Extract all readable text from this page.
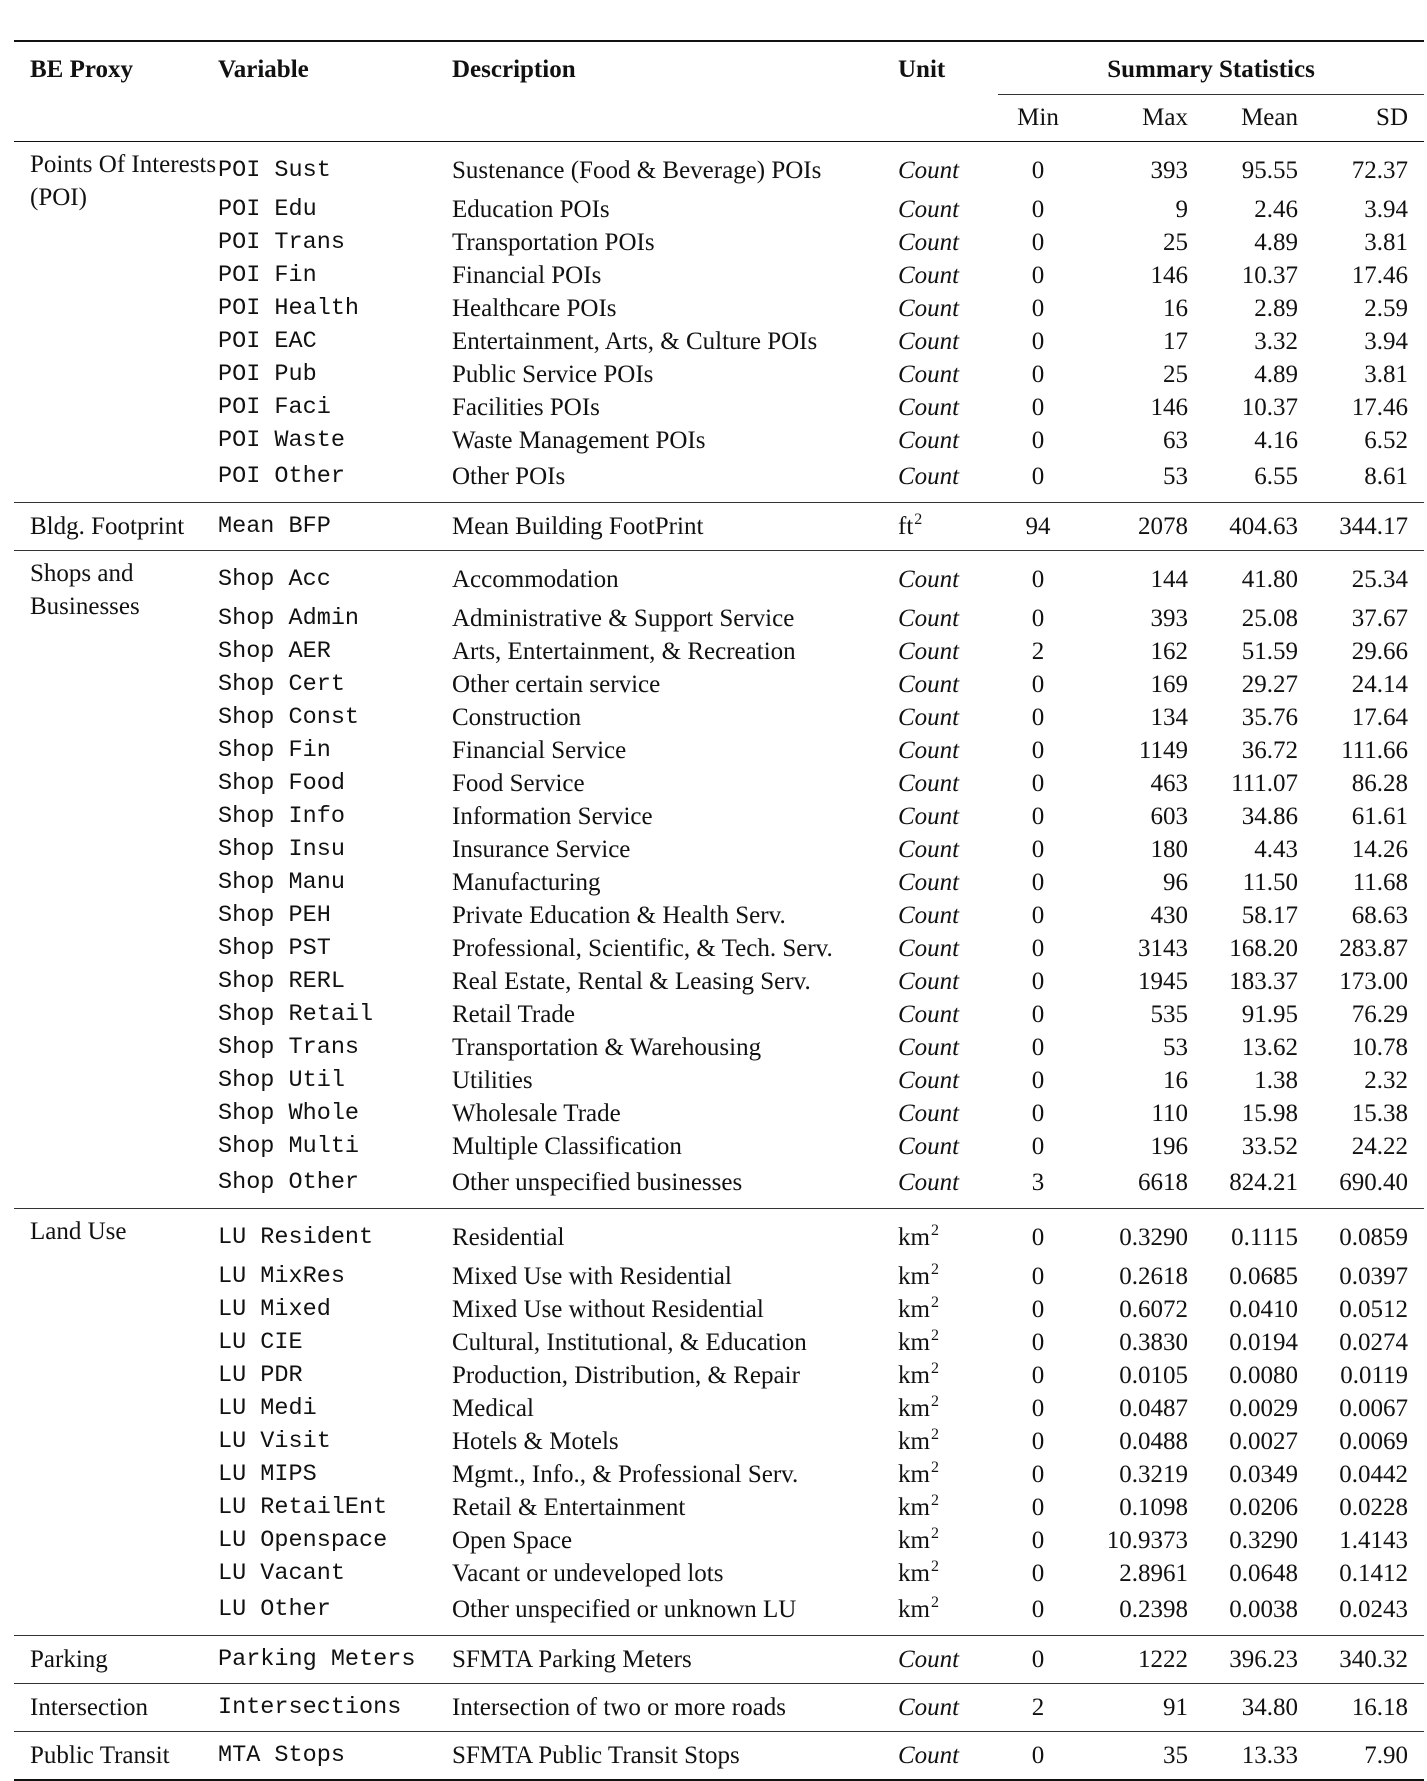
BE Proxy	Variable	Description	Unit	Summary Statistics			
				Min	Max	Mean	SD
Points Of Interests (POI)	POI Sust	Sustenance (Food & Beverage) POIs	Count	0	393	95.55	72.37
	POI Edu	Education POIs	Count	0	9	2.46	3.94
	POI Trans	Transportation POIs	Count	0	25	4.89	3.81
	POI Fin	Financial POIs	Count	0	146	10.37	17.46
	POI Health	Healthcare POIs	Count	0	16	2.89	2.59
	POI EAC	Entertainment, Arts, & Culture POIs	Count	0	17	3.32	3.94
	POI Pub	Public Service POIs	Count	0	25	4.89	3.81
	POI Faci	Facilities POIs	Count	0	146	10.37	17.46
	POI Waste	Waste Management POIs	Count	0	63	4.16	6.52
	POI Other	Other POIs	Count	0	53	6.55	8.61
Bldg. Footprint	Mean BFP	Mean Building FootPrint	$ft^2$	94	2078	404.63	344.17
Shops and Businesses	Shop Acc	Accommodation	Count	0	144	41.80	25.34
	Shop Admin	Administrative & Support Service	Count	0	393	25.08	37.67
	Shop AER	Arts, Entertainment, & Recreation	Count	2	162	51.59	29.66
	Shop Cert	Other certain service	Count	0	169	29.27	24.14
	Shop Const	Construction	Count	0	134	35.76	17.64
	Shop Fin	Financial Service	Count	0	1149	36.72	111.66
	Shop Food	Food Service	Count	0	463	111.07	86.28
	Shop Info	Information Service	Count	0	603	34.86	61.61
	Shop Insu	Insurance Service	Count	0	180	4.43	14.26
	Shop Manu	Manufacturing	Count	0	96	11.50	11.68
	Shop PEH	Private Education & Health Serv.	Count	0	430	58.17	68.63
	Shop PST	Professional, Scientific, & Tech. Serv.	Count	0	3143	168.20	283.87
	Shop RERL	Real Estate, Rental & Leasing Serv.	Count	0	1945	183.37	173.00
	Shop Retail	Retail Trade	Count	0	535	91.95	76.29
	Shop Trans	Transportation & Warehousing	Count	0	53	13.62	10.78
	Shop Util	Utilities	Count	0	16	1.38	2.32
	Shop Whole	Wholesale Trade	Count	0	110	15.98	15.38
	Shop Multi	Multiple Classification	Count	0	196	33.52	24.22
	Shop Other	Other unspecified businesses	Count	3	6618	824.21	690.40
Land Use	LU Resident	Residential	$km^2$	0	0.3290	0.1115	0.0859
	LU MixRes	Mixed Use with Residential	$km^2$	0	0.2618	0.0685	0.0397
	LU Mixed	Mixed Use without Residential	$km^2$	0	0.6072	0.0410	0.0512
	LU CIE	Cultural, Institutional, & Education	$km^2$	0	0.3830	0.0194	0.0274
	LU PDR	Production, Distribution, & Repair	$km^2$	0	0.0105	0.0080	0.0119
	LU Medi	Medical	$km^2$	0	0.0487	0.0029	0.0067
	LU Visit	Hotels & Motels	$km^2$	0	0.0488	0.0027	0.0069
	LU MIPS	Mgmt., Info., & Professional Serv.	$km^2$	0	0.3219	0.0349	0.0442
	LU RetailEnt	Retail & Entertainment	$km^2$	0	0.1098	0.0206	0.0228
	LU Openspace	Open Space	$km^2$	0	10.9373	0.3290	1.4143
	LU Vacant	Vacant or undeveloped lots	$km^2$	0	2.8961	0.0648	0.1412
	LU Other	Other unspecified or unknown LU	$km^2$	0	0.2398	0.0038	0.0243
Parking	Parking Meters	SFMTA Parking Meters	Count	0	1222	396.23	340.32
Intersection	Intersections	Intersection of two or more roads	Count	2	91	34.80	16.18
Public Transit	MTA Stops	SFMTA Public Transit Stops	Count	0	35	13.33	7.90
